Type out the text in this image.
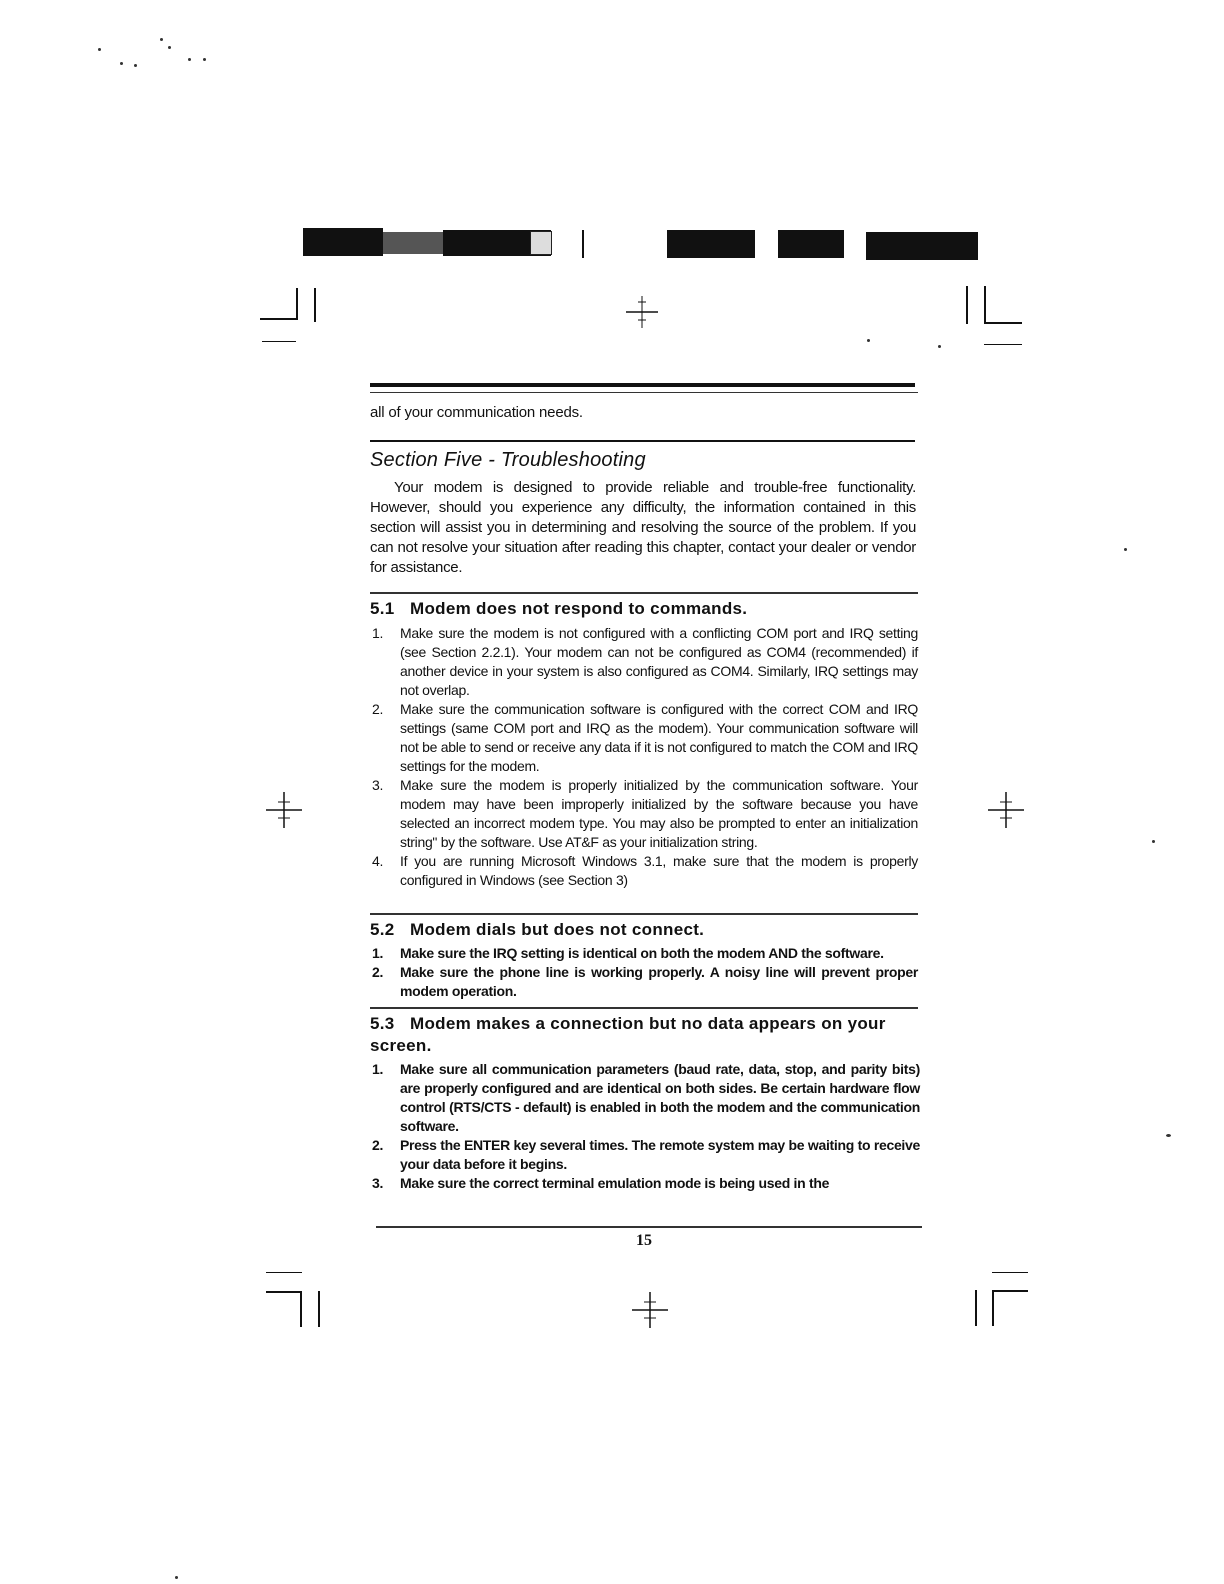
all of your communication needs.
Section Five - Troubleshooting

Your modem is designed to provide reliable and trouble-free functionality. However, should you experience any difficulty, the information contained in this section will assist you in determining and resolving the source of the problem. If you can not resolve your situation after reading this chapter, contact your dealer or vendor for assistance.

5.1 Modem does not respond to commands.
1. Make sure the modem is not configured with a conflicting COM port and IRQ setting (see Section 2.2.1). Your modem can not be configured as COM4 (recommended) if another device in your system is also configured as COM4. Similarly, IRQ settings may not overlap.
2. Make sure the communication software is configured with the correct COM and IRQ settings (same COM port and IRQ as the modem). Your communication software will not be able to send or receive any data if it is not configured to match the COM and IRQ settings for the modem.
3. Make sure the modem is properly initialized by the communication software. Your modem may have been improperly initialized by the software because you have selected an incorrect modem type. You may also be prompted to enter an initialization string" by the software. Use AT&F as your initialization string.
4. If you are running Microsoft Windows 3.1, make sure that the modem is properly configured in Windows (see Section 3)
5.2 Modem dials but does not connect.
1. Make sure the IRQ setting is identical on both the modem AND the software.
2. Make sure the phone line is working properly. A noisy line will prevent proper modem operation.
5.3 Modem makes a connection but no data appears on your screen.
1. Make sure all communication parameters (baud rate, data, stop, and parity bits) are properly configured and are identical on both sides. Be certain hardware flow control (RTS/CTS - default) is enabled in both the modem and the communication software.
2. Press the ENTER key several times. The remote system may be waiting to receive your data before it begins.
3. Make sure the correct terminal emulation mode is being used in the
15
